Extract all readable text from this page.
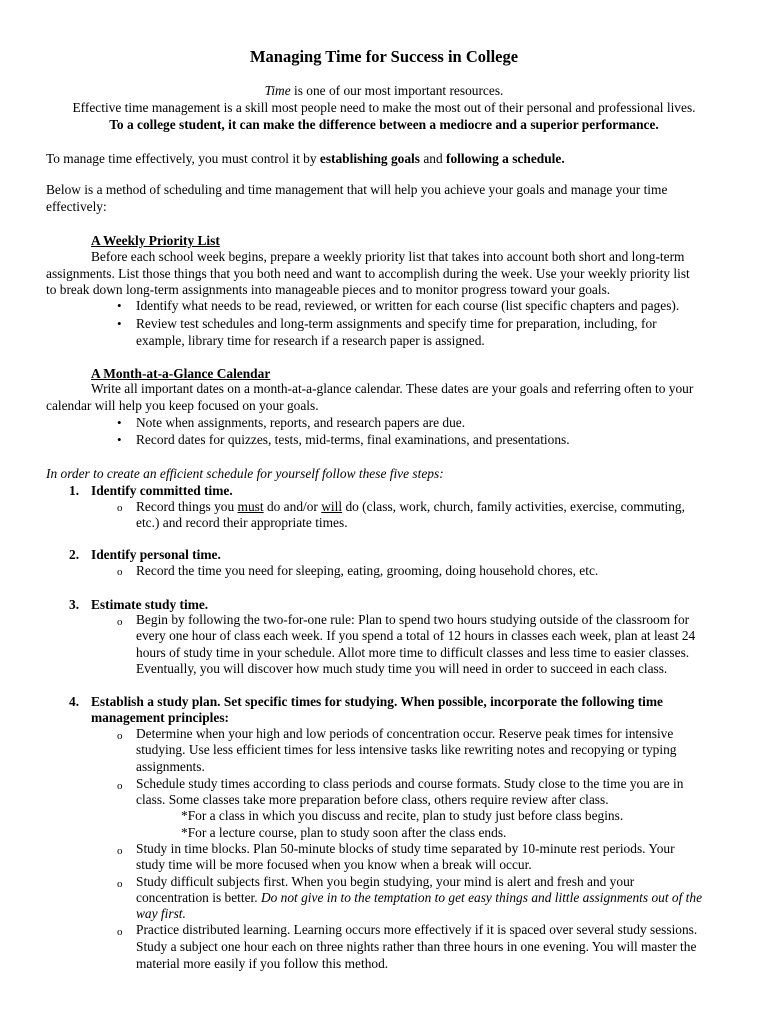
Managing Time for Success in College
Time is one of our most important resources.
Effective time management is a skill most people need to make the most out of their personal and professional lives.
To a college student, it can make the difference between a mediocre and a superior performance.
To manage time effectively, you must control it by establishing goals and following a schedule.
Below is a method of scheduling and time management that will help you achieve your goals and manage your time
effectively:
A Weekly Priority List
Before each school week begins, prepare a weekly priority list that takes into account both short and long-term
assignments. List those things that you both need and want to accomplish during the week. Use your weekly priority list
to break down long-term assignments into manageable pieces and to monitor progress toward your goals.
• Identify what needs to be read, reviewed, or written for each course (list specific chapters and pages).
• Review test schedules and long-term assignments and specify time for preparation, including, for
example, library time for research if a research paper is assigned.
A Month-at-a-Glance Calendar
Write all important dates on a month-at-a-glance calendar. These dates are your goals and referring often to your
calendar will help you keep focused on your goals.
• Note when assignments, reports, and research papers are due.
• Record dates for quizzes, tests, mid-terms, final examinations, and presentations.
In order to create an efficient schedule for yourself follow these five steps:
1. Identify committed time.
o Record things you must do and/or will do (class, work, church, family activities, exercise, commuting,
etc.) and record their appropriate times.
2. Identify personal time.
o Record the time you need for sleeping, eating, grooming, doing household chores, etc.
3. Estimate study time.
o Begin by following the two-for-one rule: Plan to spend two hours studying outside of the classroom for
every one hour of class each week. If you spend a total of 12 hours in classes each week, plan at least 24
hours of study time in your schedule. Allot more time to difficult classes and less time to easier classes.
Eventually, you will discover how much study time you will need in order to succeed in each class.
4. Establish a study plan. Set specific times for studying. When possible, incorporate the following time
management principles:
o Determine when your high and low periods of concentration occur. Reserve peak times for intensive
studying. Use less efficient times for less intensive tasks like rewriting notes and recopying or typing
assignments.
o Schedule study times according to class periods and course formats. Study close to the time you are in
class. Some classes take more preparation before class, others require review after class.
*For a class in which you discuss and recite, plan to study just before class begins.
*For a lecture course, plan to study soon after the class ends.
o Study in time blocks. Plan 50-minute blocks of study time separated by 10-minute rest periods. Your
study time will be more focused when you know when a break will occur.
o Study difficult subjects first. When you begin studying, your mind is alert and fresh and your
concentration is better. Do not give in to the temptation to get easy things and little assignments out of the
way first.
o Practice distributed learning. Learning occurs more effectively if it is spaced over several study sessions.
Study a subject one hour each on three nights rather than three hours in one evening. You will master the
material more easily if you follow this method.
